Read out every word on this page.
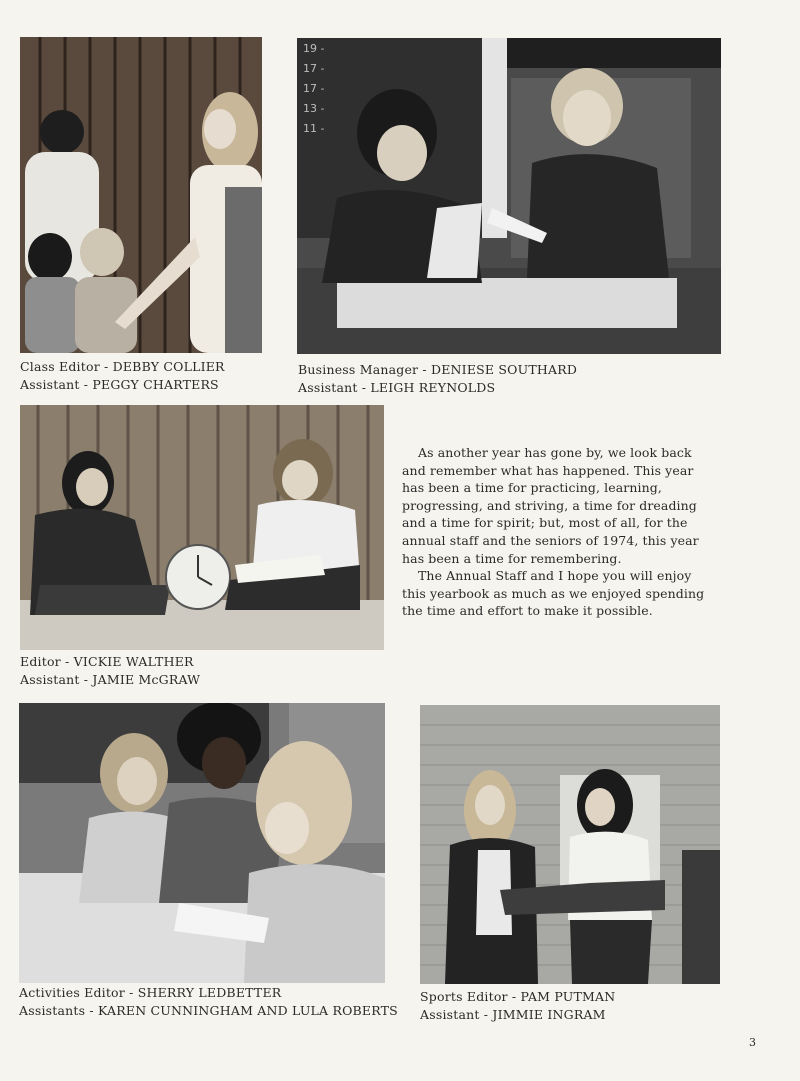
Class Editor - DEBBY COLLIER
Assistant - PEGGY CHARTERS
19 -
17 -
17 -
13 -
11 -
Business Manager - DENIESE SOUTHARD
Assistant - LEIGH REYNOLDS
Editor - VICKIE WALTHER
Assistant - JAMIE McGRAW

As another year has gone by, we look back and remember what has happened. This year has been a time for practicing, learning, progressing, and striving, a time for dreading and a time for spirit; but, most of all, for the annual staff and the seniors of 1974, this year has been a time for remembering.

The Annual Staff and I hope you will enjoy this yearbook as much as we enjoyed spending the time and effort to make it possible.

Activities Editor - SHERRY LEDBETTER
Assistants - KAREN CUNNINGHAM AND LULA ROBERTS
Sports Editor - PAM PUTMAN
Assistant - JIMMIE INGRAM
3
